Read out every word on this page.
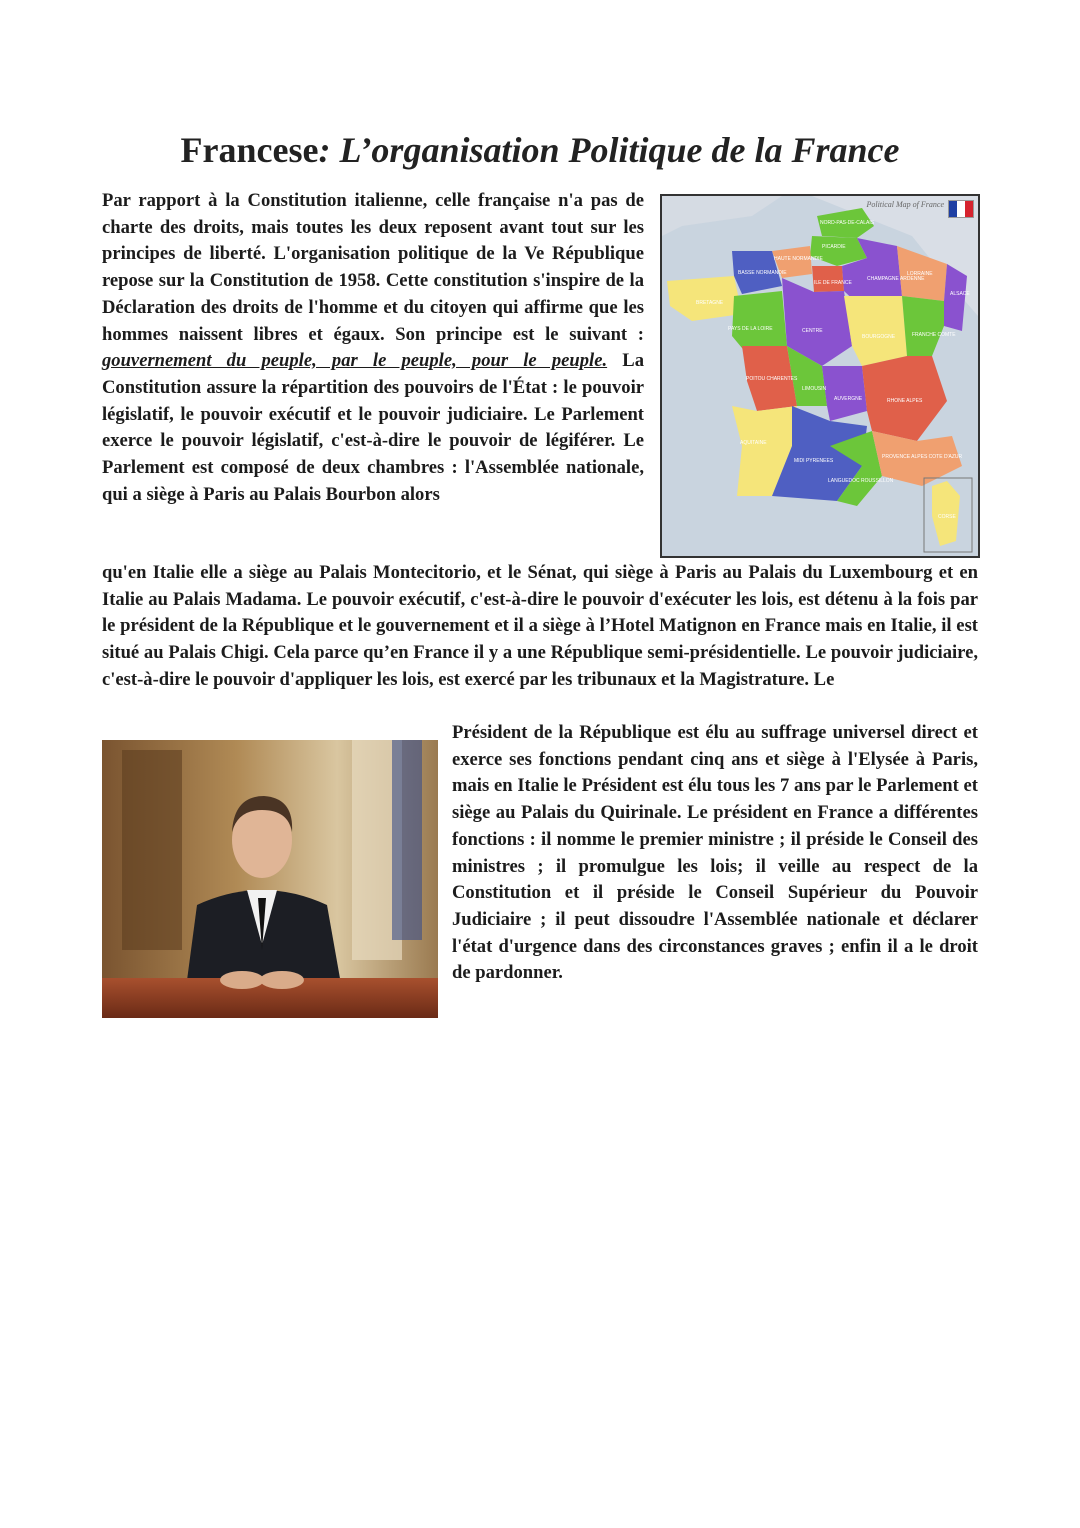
Francese: L’organisation Politique de la France

Par rapport à la Constitution italienne, celle française n'a pas de charte des droits, mais toutes les deux reposent avant tout sur les principes de liberté. L'organisation politique de la Ve République repose sur la Constitution de 1958. Cette constitution s'inspire de la Déclaration des droits de l'homme et du citoyen qui affirme que les hommes naissent libres et égaux. Son principe est le suivant : gouvernement du peuple, par le peuple, pour le peuple. La Constitution assure la répartition des pouvoirs de l'État : le pouvoir législatif, le pouvoir exécutif et le pouvoir judiciaire. Le Parlement exerce le pouvoir législatif, c'est-à-dire le pouvoir de légiférer. Le Parlement est composé de deux chambres : l'Assemblée nationale, qui a siège à Paris au Palais Bourbon alors

Political Map of France
NORD-PAS-DE-CALAIS
PICARDIE
HAUTE NORMANDIE
BASSE NORMANDIE
ILE DE FRANCE
CHAMPAGNE ARDENNE
LORRAINE
ALSACE
BRETAGNE
PAYS DE LA LOIRE	CENTRE
BOURGOGNE	FRANCHE COMTE
POITOU CHARENTES
LIMOUSIN
AUVERGNE	RHONE ALPES
AQUITAINE
MIDI PYRENEES
LANGUEDOC ROUSSILLON
PROVENCE ALPES COTE D'AZUR
CORSE

qu'en Italie elle a siège au Palais Montecitorio, et le Sénat, qui siège à Paris au Palais du Luxembourg et en Italie au Palais Madama. Le pouvoir exécutif, c'est-à-dire le pouvoir d'exécuter les lois, est détenu à la fois par le président de la République et le gouvernement et il a siège à l’Hotel Matignon en France mais en Italie, il est situé au Palais Chigi. Cela parce qu’en France il y a une République semi-présidentielle. Le pouvoir judiciaire, c'est-à-dire le pouvoir d'appliquer les lois, est exercé par les tribunaux et la Magistrature. Le

Président de la République est élu au suffrage universel direct et exerce ses fonctions pendant cinq ans et siège à l'Elysée à Paris, mais en Italie le Président est élu tous les 7 ans par le Parlement et siège au Palais du Quirinale. Le président en France a différentes fonctions : il nomme le premier ministre ; il préside le Conseil des ministres ; il promulgue les lois; il veille au respect de la Constitution et il préside le Conseil Supérieur du Pouvoir Judiciaire ; il peut dissoudre l'Assemblée nationale et déclarer l'état d'urgence dans des circonstances graves ; enfin il a le droit de pardonner.
